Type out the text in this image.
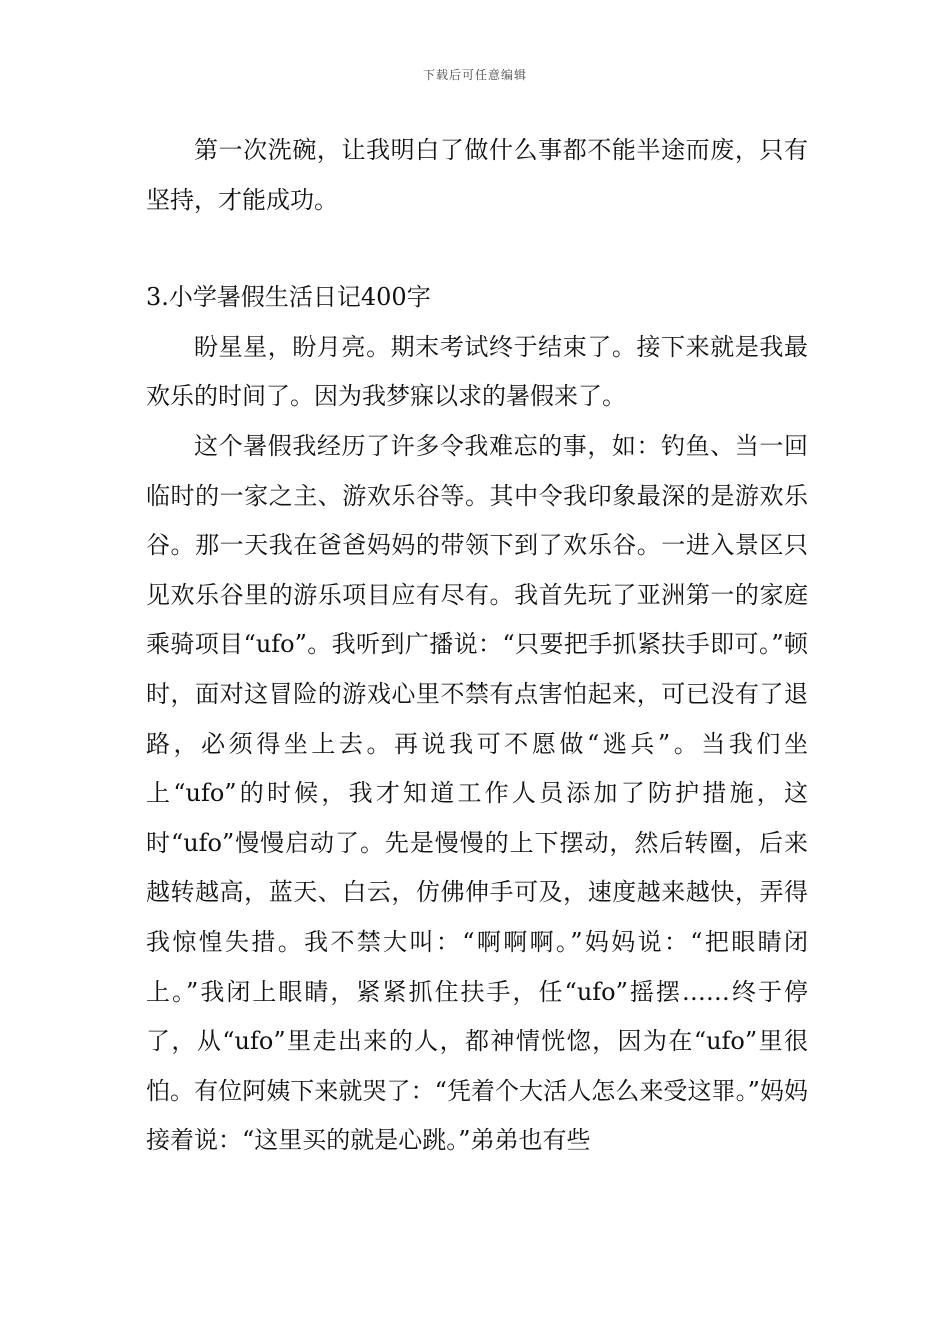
下载后可任意编辑

第一次洗碗，让我明白了做什么事都不能半途而废，只有坚持，才能成功。

3.小学暑假生活日记400字

盼星星，盼月亮。期末考试终于结束了。接下来就是我最欢乐的时间了。因为我梦寐以求的暑假来了。

这个暑假我经历了许多令我难忘的事，如：钓鱼、当一回临时的一家之主、游欢乐谷等。其中令我印象最深的是游欢乐谷。那一天我在爸爸妈妈的带领下到了欢乐谷。一进入景区只见欢乐谷里的游乐项目应有尽有。我首先玩了亚洲第一的家庭乘骑项目“ufo”。我听到广播说：“只要把手抓紧扶手即可。”顿时，面对这冒险的游戏心里不禁有点害怕起来，可已没有了退路，必须得坐上去。再说我可不愿做“逃兵”。当我们坐上“ufo”的时候，我才知道工作人员添加了防护措施，这时“ufo”慢慢启动了。先是慢慢的上下摆动，然后转圈，后来越转越高，蓝天、白云，仿佛伸手可及，速度越来越快，弄得我惊惶失措。我不禁大叫：“啊啊啊。”妈妈说：“把眼睛闭上。”我闭上眼睛，紧紧抓住扶手，任“ufo”摇摆……终于停了，从“ufo”里走出来的人，都神情恍惚，因为在“ufo”里很怕。有位阿姨下来就哭了：“凭着个大活人怎么来受这罪。”妈妈接着说：“这里买的就是心跳。”弟弟也有些
